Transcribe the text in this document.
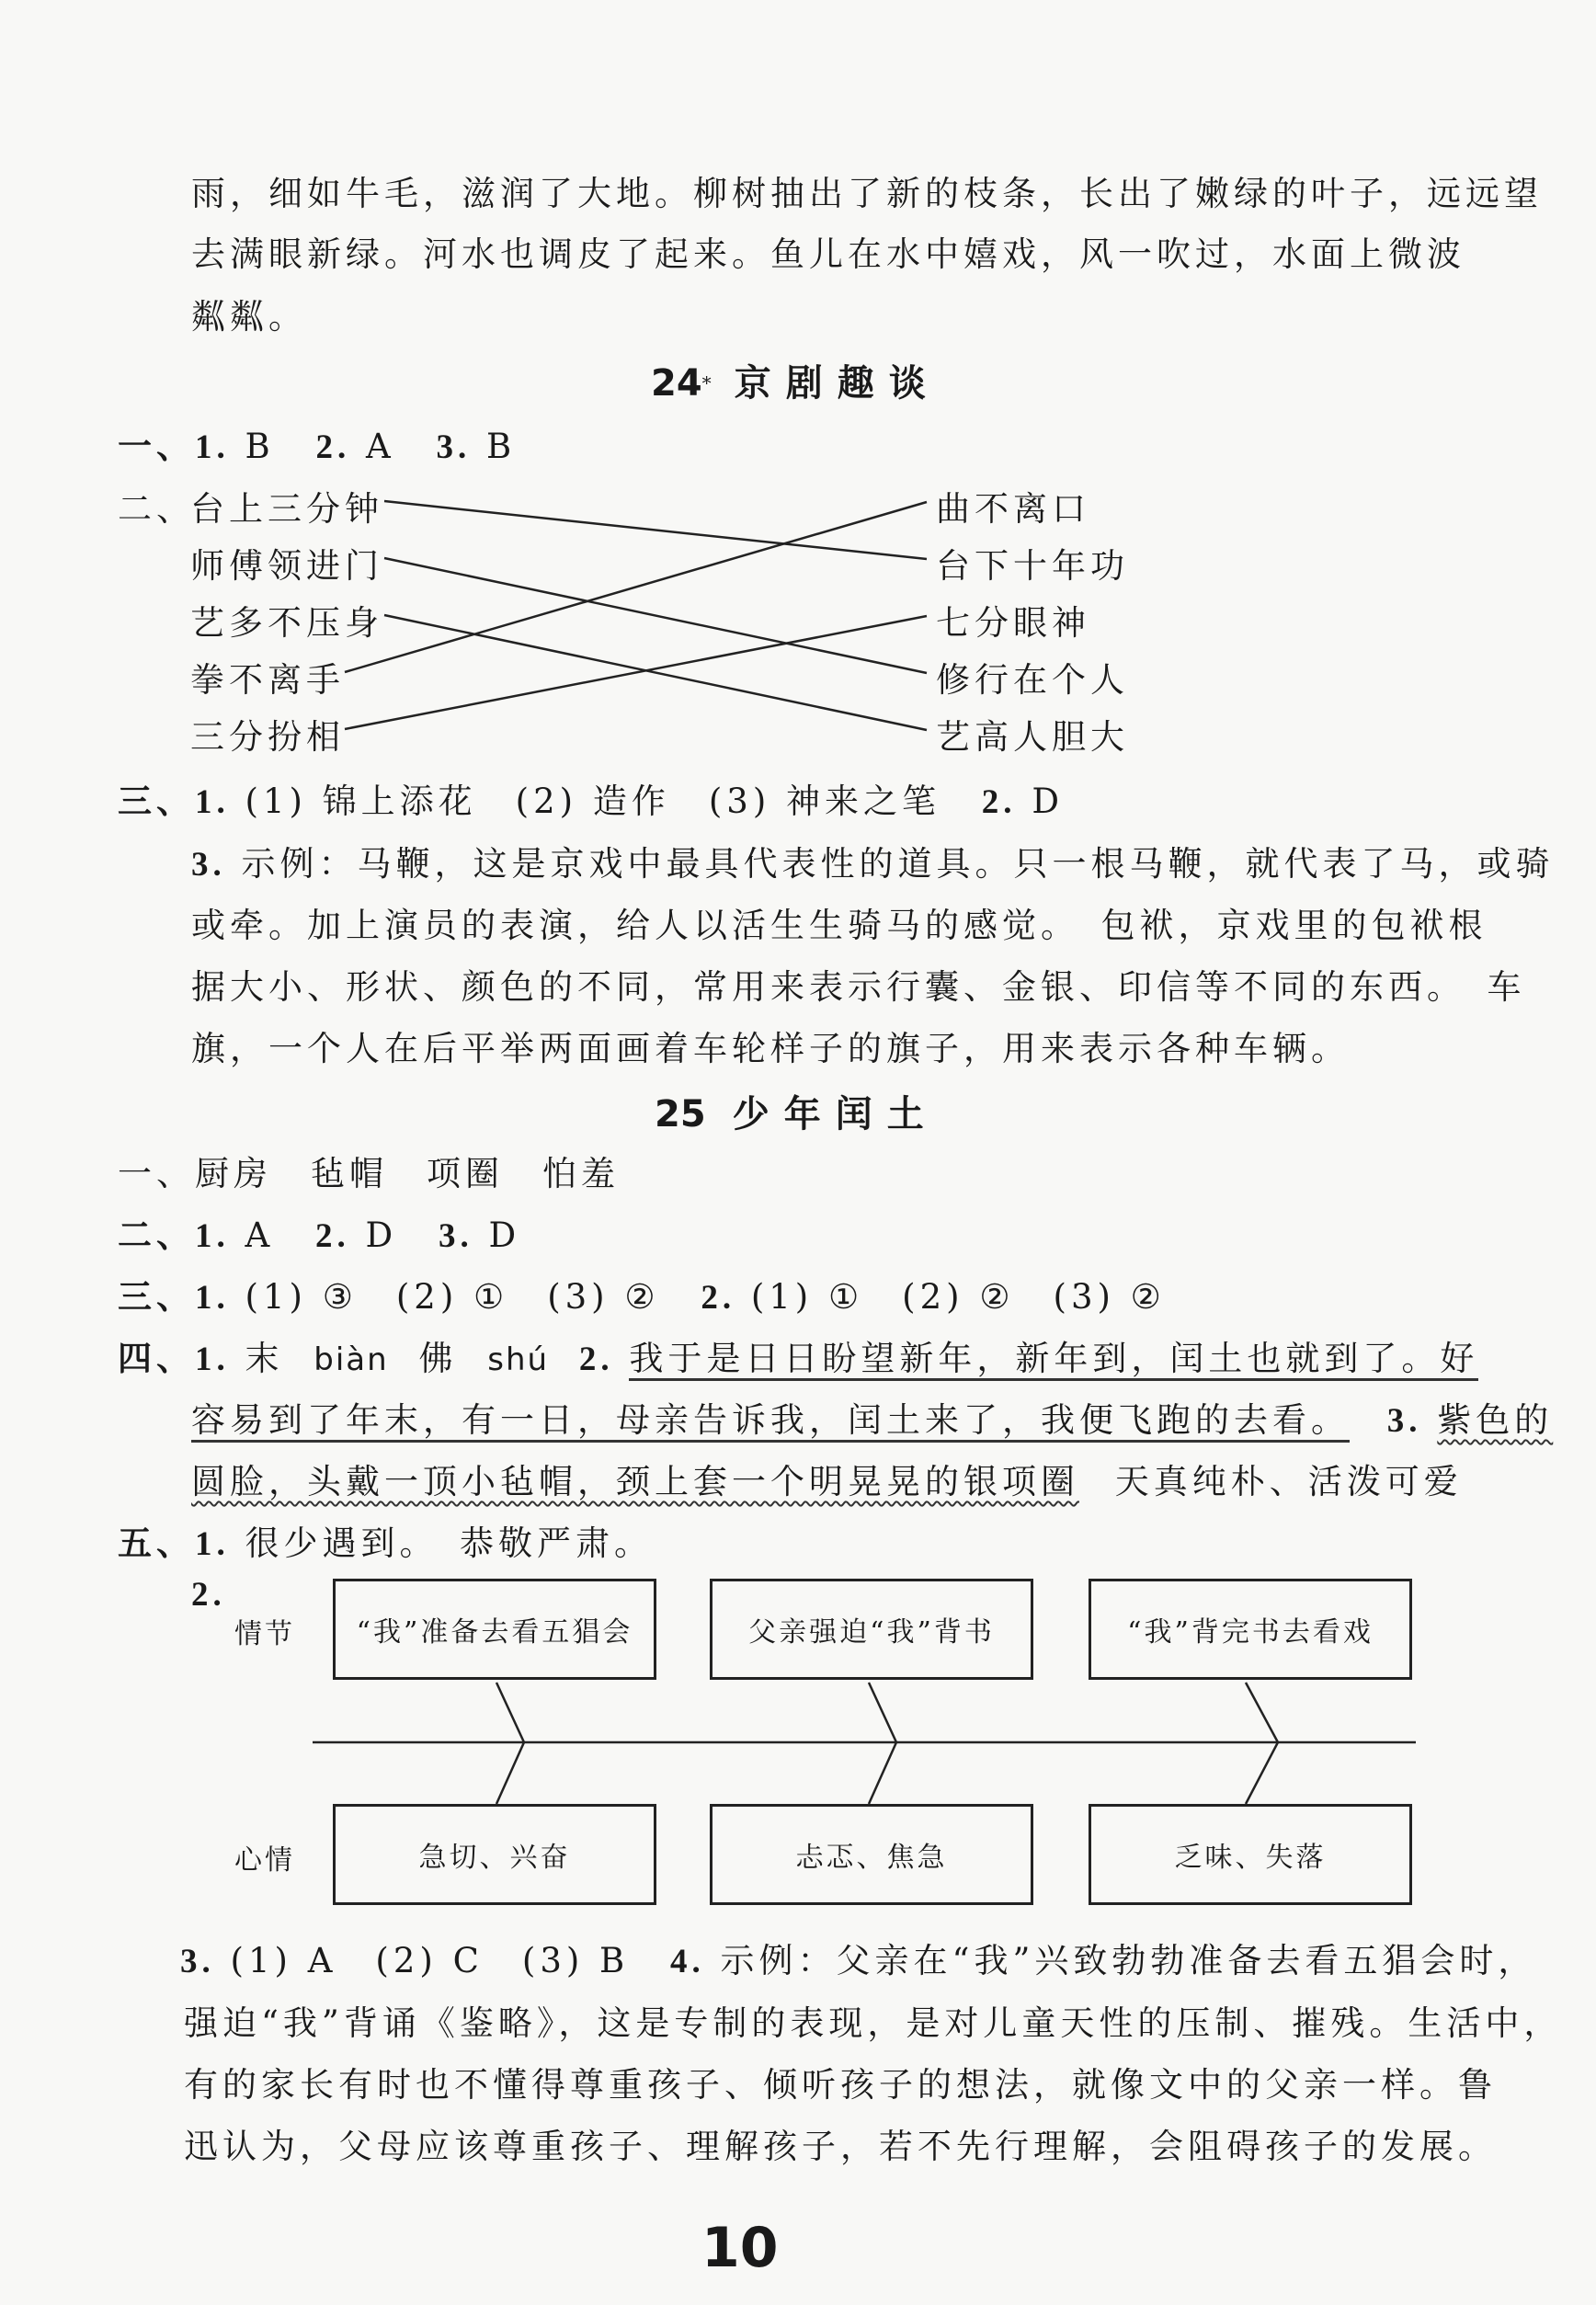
雨，细如牛毛，滋润了大地。柳树抽出了新的枝条，长出了嫩绿的叶子，远远望
去满眼新绿。河水也调皮了起来。鱼儿在水中嬉戏，风一吹过，水面上微波
粼粼。
24* 京剧趣谈
一、1. B 2. A 3. B
二、
台上三分钟
师傅领进门
艺多不压身
拳不离手
三分扮相
曲不离口
台下十年功
七分眼神
修行在个人
艺高人胆大
三、1. (1) 锦上添花　(2) 造作　(3) 神来之笔 2. D
3. 示例：马鞭，这是京戏中最具代表性的道具。只一根马鞭，就代表了马，或骑
或牵。加上演员的表演，给人以活生生骑马的感觉。　包袱，京戏里的包袱根
据大小、形状、颜色的不同，常用来表示行囊、金银、印信等不同的东西。　车
旗，一个人在后平举两面画着车轮样子的旗子，用来表示各种车辆。
25 少年闰土
一、厨房　毡帽　项圈　怕羞
二、1. A 2. D 3. D
三、1. (1) ③　(2) ①　(3) ② 2. (1) ①　(2) ②　(3) ②
四、1. 末 biàn 佛 shú 2. 我于是日日盼望新年，新年到，闰土也就到了。好
容易到了年末，有一日，母亲告诉我，闰土来了，我便飞跑的去看。 3. 紫色的
圆脸，头戴一顶小毡帽，颈上套一个明晃晃的银项圈 天真纯朴、活泼可爱
五、1. 很少遇到。　恭敬严肃。
2.
情节
心情
“我”准备去看五猖会	父亲强迫“我”背书	“我”背完书去看戏
急切、兴奋	忐忑、焦急	乏味、失落
3. (1) A　(2) C　(3) B 4. 示例：父亲在“我”兴致勃勃准备去看五猖会时，
强迫“我”背诵《鉴略》，这是专制的表现，是对儿童天性的压制、摧残。生活中，
有的家长有时也不懂得尊重孩子、倾听孩子的想法，就像文中的父亲一样。鲁
迅认为，父母应该尊重孩子、理解孩子，若不先行理解，会阻碍孩子的发展。
10
